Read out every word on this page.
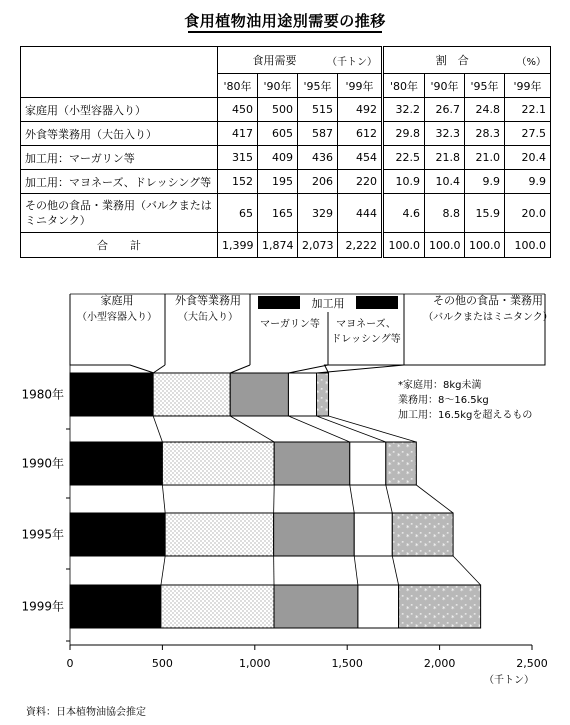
食用植物油用途別需要の推移

	食用需要 （千トン）				割　合 （%）			

	'80年	'90年	'95年	'99年	'80年	'90年	'95年	'99年
家庭用（小型容器入り）	450	500	515	492	32.2	26.7	24.8	22.1
外食等業務用（大缶入り）	417	605	587	612	29.8	32.3	28.3	27.5
加工用：マーガリン等	315	409	436	454	22.5	21.8	21.0	20.4
加工用：マヨネーズ、ドレッシング等	152	195	206	220	10.9	10.4	9.9	9.9
その他の食品・業務用（バルクまたはミニタンク）	65	165	329	444	4.6	8.8	15.9	20.0
合　　計	1,399	1,874	2,073	2,222	100.0	100.0	100.0	100.0
家庭用
（小型容器入り）
外食等業務用
（大缶入り）
加工用
マーガリン等 マヨネーズ、
ドレッシング等
その他の食品・業務用
（バルクまたはミニタンク）
*家庭用：8kg未満
業務用：8～16.5kg
加工用：16.5kgを超えるもの
1980年
1990年
1995年
1999年
0	500	1,000	1,500	2,000	2,500
（千トン）
資料：日本植物油協会推定
